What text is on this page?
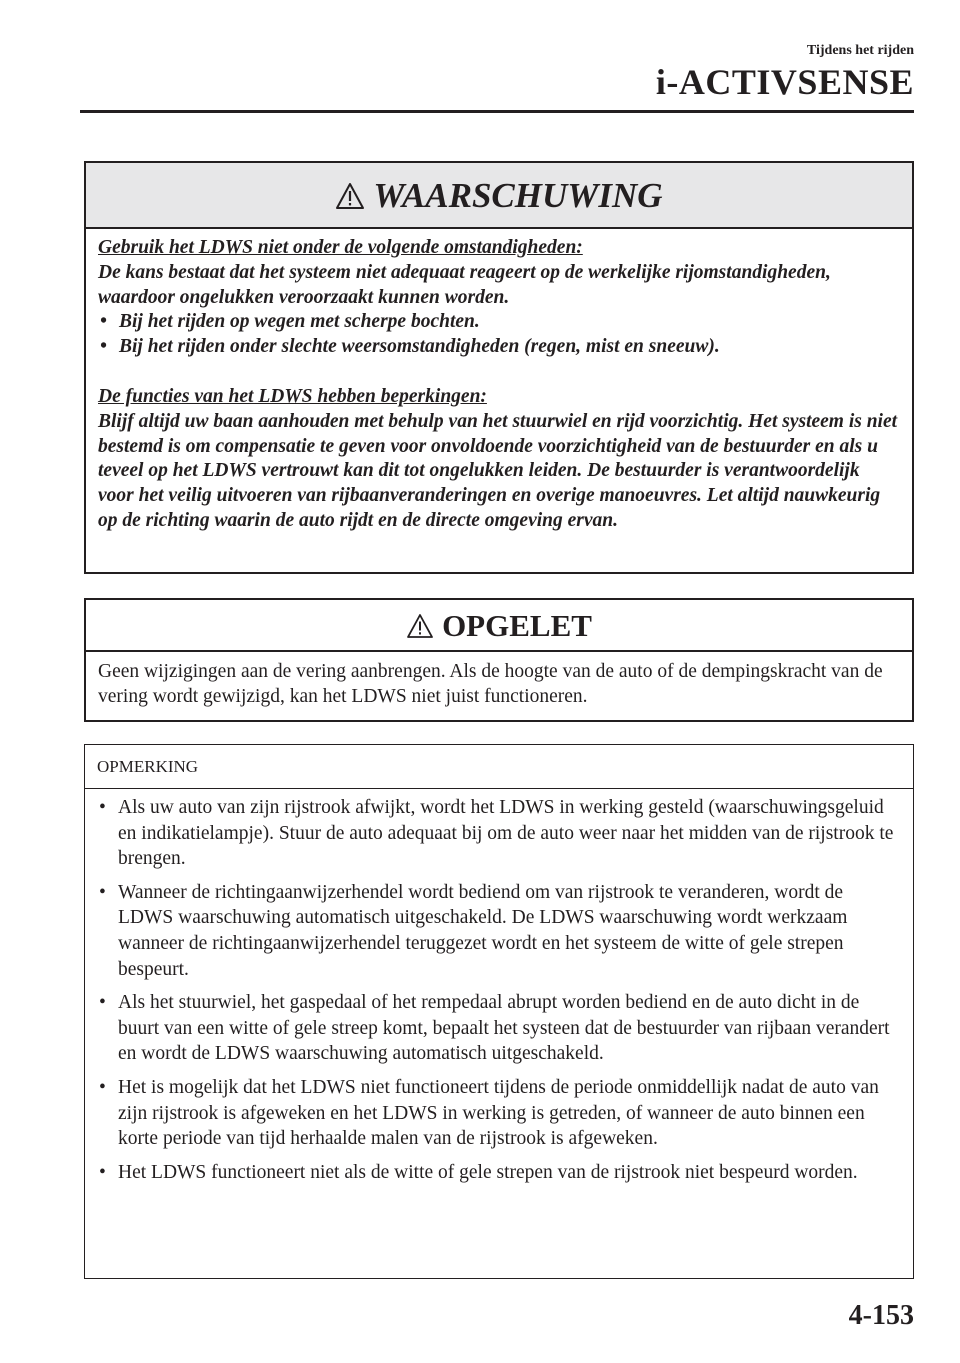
Tijdens het rijden
i-ACTIVSENSE
WAARSCHUWING
Gebruik het LDWS niet onder de volgende omstandigheden:
De kans bestaat dat het systeem niet adequaat reageert op de werkelijke rijomstandigheden, waardoor ongelukken veroorzaakt kunnen worden.
• Bij het rijden op wegen met scherpe bochten.
• Bij het rijden onder slechte weersomstandigheden (regen, mist en sneeuw).
De functies van het LDWS hebben beperkingen:
Blijf altijd uw baan aanhouden met behulp van het stuurwiel en rijd voorzichtig. Het systeem is niet bestemd is om compensatie te geven voor onvoldoende voorzichtigheid van de bestuurder en als u teveel op het LDWS vertrouwt kan dit tot ongelukken leiden. De bestuurder is verantwoordelijk voor het veilig uitvoeren van rijbaanveranderingen en overige manoeuvres. Let altijd nauwkeurig op de richting waarin de auto rijdt en de directe omgeving ervan.
OPGELET
Geen wijzigingen aan de vering aanbrengen. Als de hoogte van de auto of de dempingskracht van de vering wordt gewijzigd, kan het LDWS niet juist functioneren.
OPMERKING
• Als uw auto van zijn rijstrook afwijkt, wordt het LDWS in werking gesteld (waarschuwingsgeluid en indikatielampje). Stuur de auto adequaat bij om de auto weer naar het midden van de rijstrook te brengen.
• Wanneer de richtingaanwijzerhendel wordt bediend om van rijstrook te veranderen, wordt de LDWS waarschuwing automatisch uitgeschakeld. De LDWS waarschuwing wordt werkzaam wanneer de richtingaanwijzerhendel teruggezet wordt en het systeem de witte of gele strepen bespeurt.
• Als het stuurwiel, het gaspedaal of het rempedaal abrupt worden bediend en de auto dicht in de buurt van een witte of gele streep komt, bepaalt het systeen dat de bestuurder van rijbaan verandert en wordt de LDWS waarschuwing automatisch uitgeschakeld.
• Het is mogelijk dat het LDWS niet functioneert tijdens de periode onmiddellijk nadat de auto van zijn rijstrook is afgeweken en het LDWS in werking is getreden, of wanneer de auto binnen een korte periode van tijd herhaalde malen van de rijstrook is afgeweken.
• Het LDWS functioneert niet als de witte of gele strepen van de rijstrook niet bespeurd worden.
4-153
